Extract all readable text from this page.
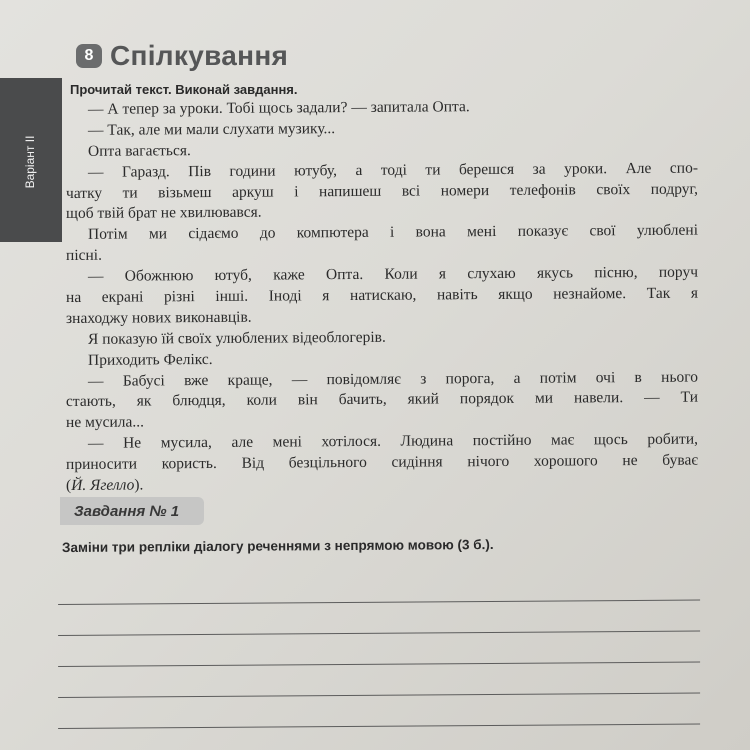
Варіант II
8 Спілкування
Прочитай текст. Виконай завдання.
— А тепер за уроки. Тобі щось задали? — запитала Опта.
— Так, але ми мали слухати музику...
Опта вагається.
— Гаразд. Пів години ютубу, а тоді ти берешся за уроки. Але спо-
чатку ти візьмеш аркуш і напишеш всі номери телефонів своїх подруг,
щоб твій брат не хвилювався.
Потім ми сідаємо до компютера і вона мені показує свої улюблені
пісні.
— Обожнюю ютуб, каже Опта. Коли я слухаю якусь пісню, поруч
на екрані різні інші. Іноді я натискаю, навіть якщо незнайоме. Так я
знаходжу нових виконавців.
Я показую їй своїх улюблених відеоблогерів.
Приходить Фелікс.
— Бабусі вже краще, — повідомляє з порога, а потім очі в нього
стають, як блюдця, коли він бачить, який порядок ми навели. — Ти
не мусила...
— Не мусила, але мені хотілося. Людина постійно має щось робити,
приносити користь. Від безцільного сидіння нічого хорошого не буває
(Й. Ягелло).
Завдання № 1
Заміни три репліки діалогу реченнями з непрямою мовою (3 б.).
